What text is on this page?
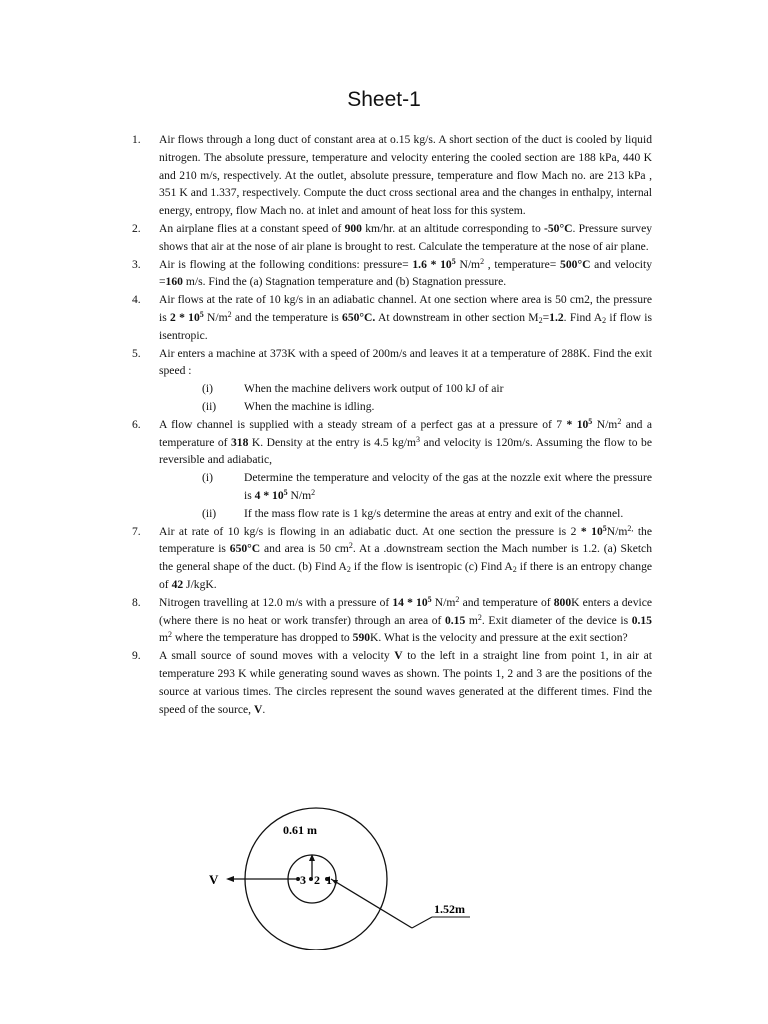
Sheet-1
1.	Air flows through a long duct of constant area at o.15 kg/s. A short section of the duct is cooled by liquid nitrogen. The absolute pressure, temperature and velocity entering the cooled section are 188 kPa, 440 K and 210 m/s, respectively. At the outlet, absolute pressure, temperature and flow Mach no. are 213 kPa , 351 K and 1.337, respectively. Compute the duct cross sectional area and the changes in enthalpy, internal energy, entropy, flow Mach no. at inlet and amount of heat loss for this system.
2.	An airplane flies at a constant speed of 900 km/hr. at an altitude corresponding to -50°C. Pressure survey shows that air at the nose of air plane is brought to rest. Calculate the temperature at the nose of air plane.
3.	Air is flowing at the following conditions: pressure= $1.6 * 10^5$ $N/m^2$ , temperature= 500°C and velocity =160 m/s. Find the (a) Stagnation temperature and (b) Stagnation pressure.
4.	Air flows at the rate of 10 kg/s in an adiabatic channel. At one section where area is 50 cm2, the pressure is $2 * 10^5$ $N/m^2$ and the temperature is 650°C. At downstream in other section $M_2=1.2$. Find $A_2$ if flow is isentropic.
5.	Air enters a machine at 373K with a speed of 200m/s and leaves it at a temperature of 288K. Find the exit speed :
(i)	When the machine delivers work output of 100 kJ of air
(ii) When the machine is idling.
6.	A flow channel is supplied with a steady stream of a perfect gas at a pressure of $7 * 10^5$ $N/m^2$ and a temperature of 318 K. Density at the entry is 4.5 $kg/m^3$ and velocity is 120m/s. Assuming the flow to be reversible and adiabatic,
(i)	Determine the temperature and velocity of the gas at the nozzle exit where the pressure is $4 * 10^5$ $N/m^2$
(ii) If the mass flow rate is 1 kg/s determine the areas at entry and exit of the channel.
7.	Air at rate of 10 kg/s is flowing in an adiabatic duct. At one section the pressure is $2 * 10^5N/m^{2,}$ the temperature is 650°C and area is 50 $cm^2$. At a .downstream section the Mach number is 1.2. (a) Sketch the general shape of the duct. (b) Find $A_2$ if the flow is isentropic (c) Find $A_2$ if there is an entropy change of 42 J/kgK.
8.	Nitrogen travelling at 12.0 m/s with a pressure of $14 * 10^5$ $N/m^2$ and temperature of 800K enters a device (where there is no heat or work transfer) through an area of 0.15 $m^2$. Exit diameter of the device is 0.15 $m^2$ where the temperature has dropped to 590K. What is the velocity and pressure at the exit section?
9.	A small source of sound moves with a velocity V to the left in a straight line from point 1, in air at temperature 293 K while generating sound waves as shown. The points 1, 2 and 3 are the positions of the source at various times. The circles represent the sound waves generated at the different times. Find the speed of the source, V.
0.61 m
V	3 2 1
1.52m
